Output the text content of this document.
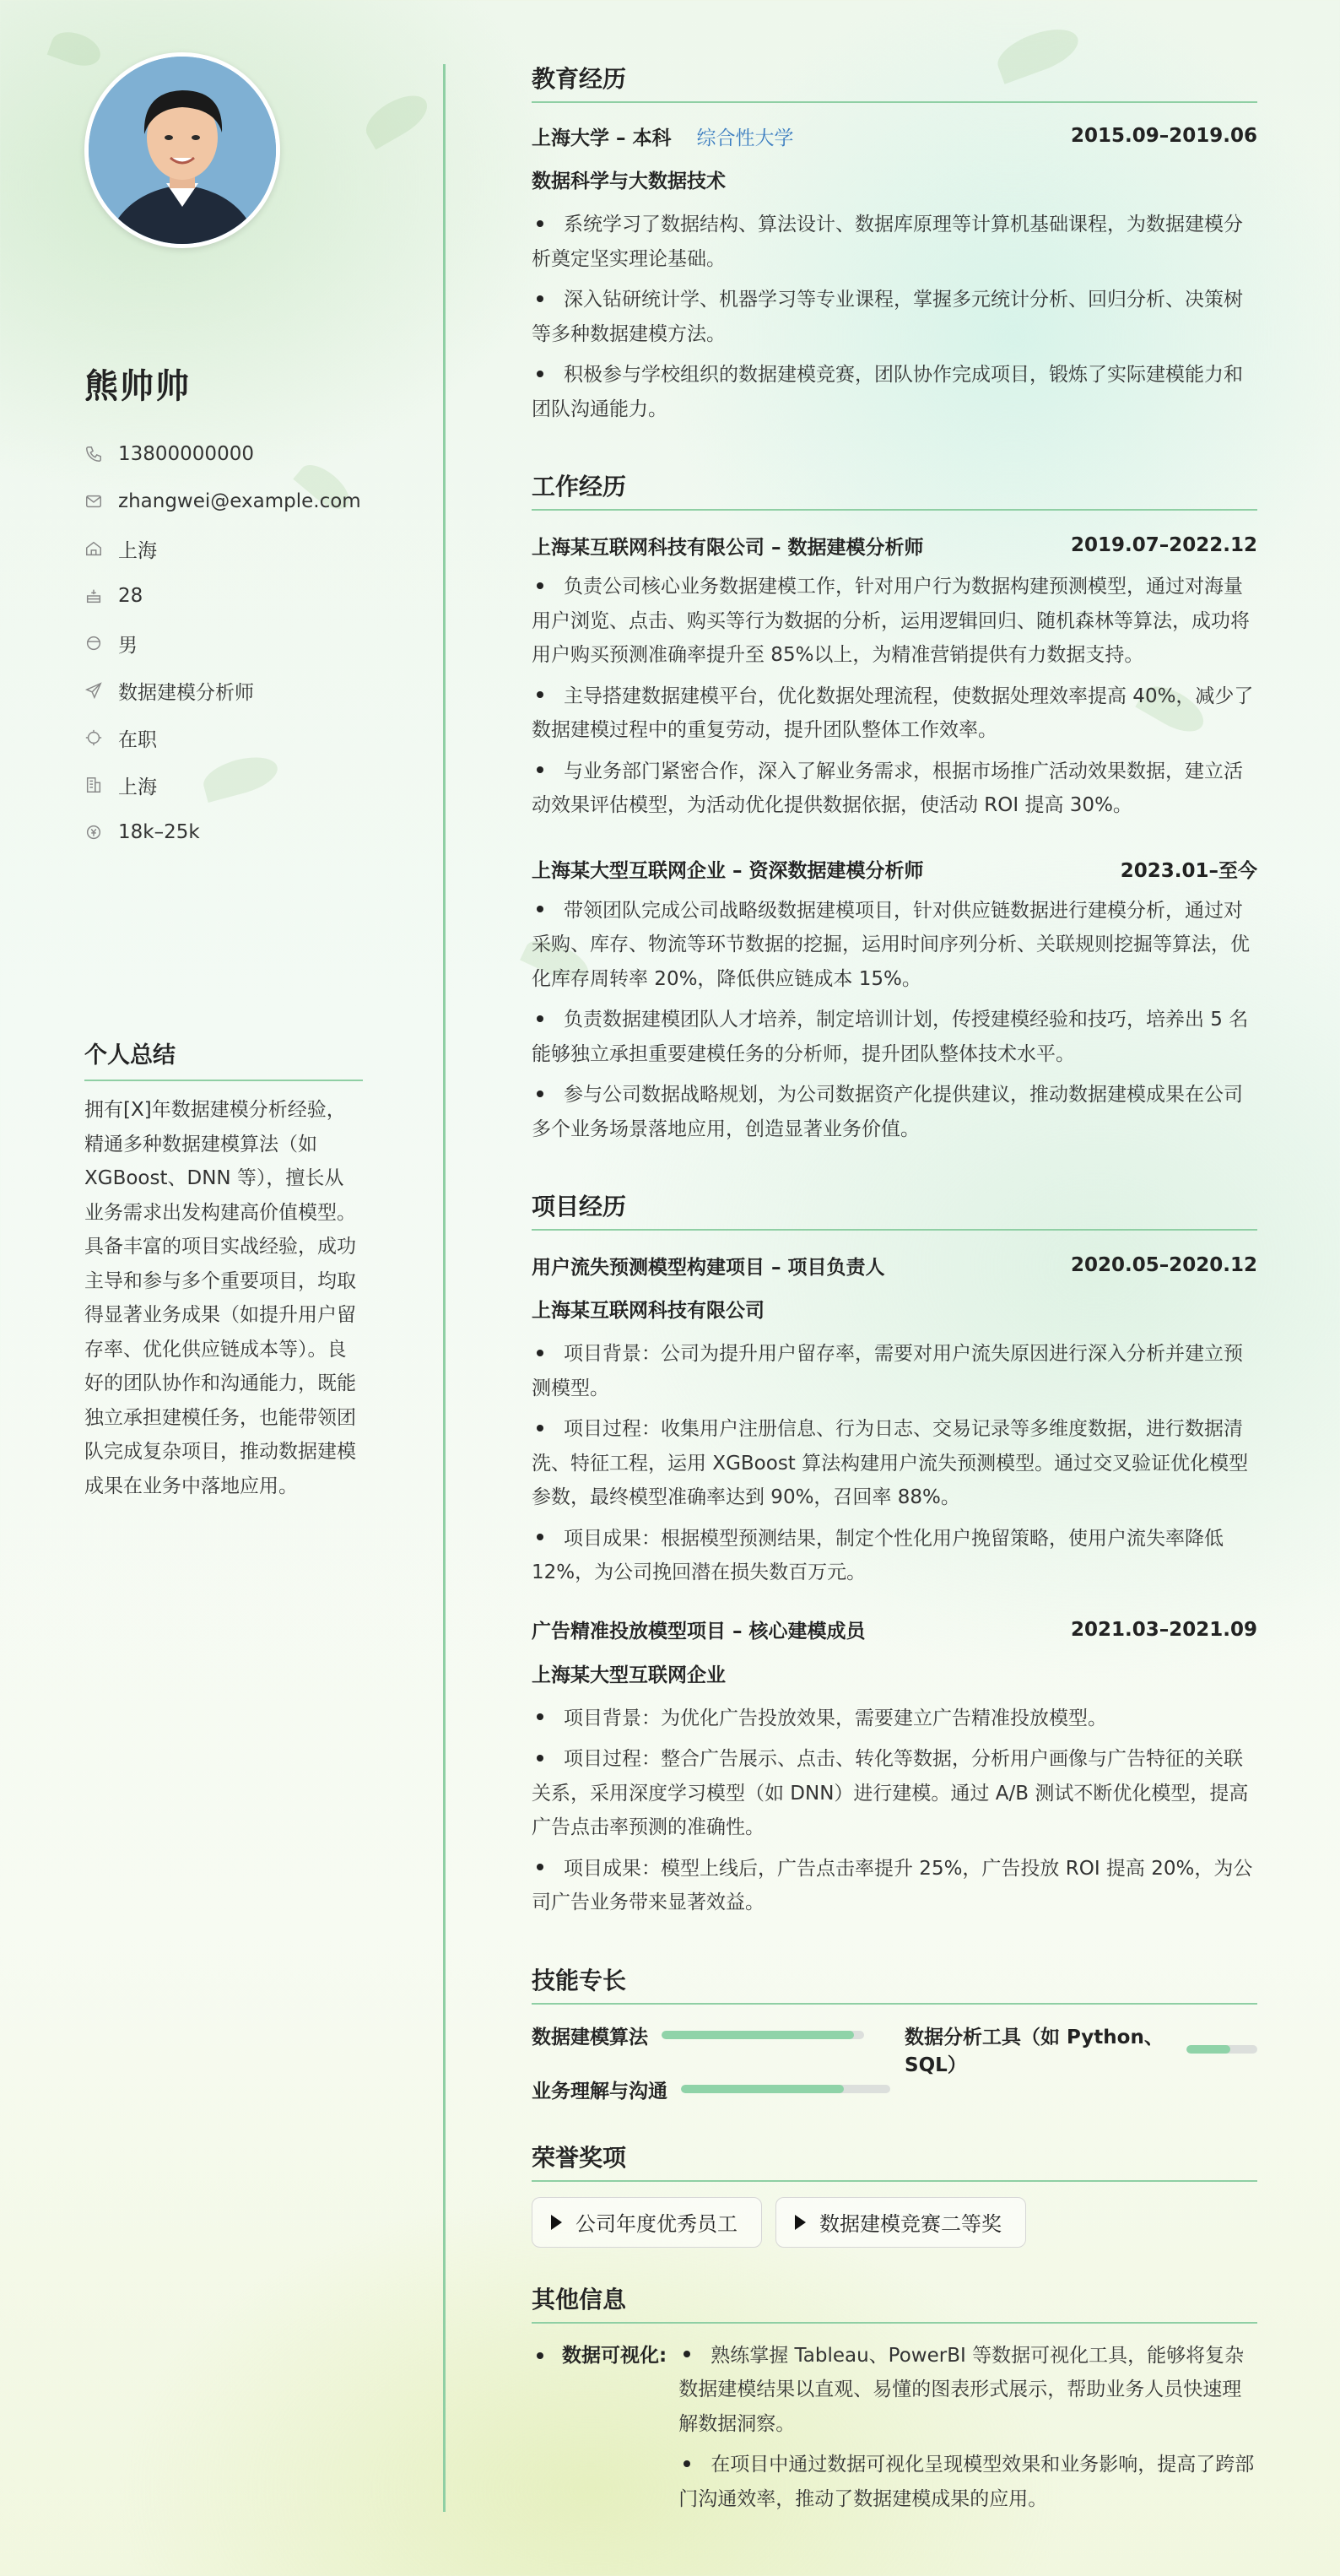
熊帅帅
13800000000
zhangwei@example.com
上海
28
男
数据建模分析师
在职
上海
18k–25k
个人总结

拥有[X]年数据建模分析经验，精通多种数据建模算法（如 XGBoost、DNN 等），擅长从业务需求出发构建高价值模型。具备丰富的项目实战经验，成功主导和参与多个重要项目，均取得显著业务成果（如提升用户留存率、优化供应链成本等）。良好的团队协作和沟通能力，既能独立承担建模任务，也能带领团队完成复杂项目，推动数据建模成果在业务中落地应用。

教育经历
上海大学 – 本科 综合性大学	2015.09–2019.06
数据科学与大数据技术
系统学习了数据结构、算法设计、数据库原理等计算机基础课程，为数据建模分析奠定坚实理论基础。
深入钻研统计学、机器学习等专业课程，掌握多元统计分析、回归分析、决策树等多种数据建模方法。
积极参与学校组织的数据建模竞赛，团队协作完成项目，锻炼了实际建模能力和团队沟通能力。
工作经历
上海某互联网科技有限公司 – 数据建模分析师	2019.07–2022.12
负责公司核心业务数据建模工作，针对用户行为数据构建预测模型，通过对海量用户浏览、点击、购买等行为数据的分析，运用逻辑回归、随机森林等算法，成功将用户购买预测准确率提升至 85%以上，为精准营销提供有力数据支持。
主导搭建数据建模平台，优化数据处理流程，使数据处理效率提高 40%，减少了数据建模过程中的重复劳动，提升团队整体工作效率。
与业务部门紧密合作，深入了解业务需求，根据市场推广活动效果数据，建立活动效果评估模型，为活动优化提供数据依据，使活动 ROI 提高 30%。
上海某大型互联网企业 – 资深数据建模分析师	2023.01–至今
带领团队完成公司战略级数据建模项目，针对供应链数据进行建模分析，通过对采购、库存、物流等环节数据的挖掘，运用时间序列分析、关联规则挖掘等算法，优化库存周转率 20%，降低供应链成本 15%。
负责数据建模团队人才培养，制定培训计划，传授建模经验和技巧，培养出 5 名能够独立承担重要建模任务的分析师，提升团队整体技术水平。
参与公司数据战略规划，为公司数据资产化提供建议，推动数据建模成果在公司多个业务场景落地应用，创造显著业务价值。
项目经历
用户流失预测模型构建项目 – 项目负责人	2020.05–2020.12
上海某互联网科技有限公司
项目背景：公司为提升用户留存率，需要对用户流失原因进行深入分析并建立预测模型。
项目过程：收集用户注册信息、行为日志、交易记录等多维度数据，进行数据清洗、特征工程，运用 XGBoost 算法构建用户流失预测模型。通过交叉验证优化模型参数，最终模型准确率达到 90%，召回率 88%。
项目成果：根据模型预测结果，制定个性化用户挽留策略，使用户流失率降低 12%，为公司挽回潜在损失数百万元。
广告精准投放模型项目 – 核心建模成员	2021.03–2021.09
上海某大型互联网企业
项目背景：为优化广告投放效果，需要建立广告精准投放模型。
项目过程：整合广告展示、点击、转化等数据，分析用户画像与广告特征的关联关系，采用深度学习模型（如 DNN）进行建模。通过 A/B 测试不断优化模型，提高广告点击率预测的准确性。
项目成果：模型上线后，广告点击率提升 25%，广告投放 ROI 提高 20%，为公司广告业务带来显著效益。
技能专长
数据建模算法	数据分析工具（如 Python、SQL）
业务理解与沟通
荣誉奖项
公司年度优秀员工	数据建模竞赛二等奖
其他信息
数据可视化:	熟练掌握 Tableau、PowerBI 等数据可视化工具，能够将复杂数据建模结果以直观、易懂的图表形式展示，帮助业务人员快速理解数据洞察。
在项目中通过数据可视化呈现模型效果和业务影响，提高了跨部门沟通效率，推动了数据建模成果的应用。
